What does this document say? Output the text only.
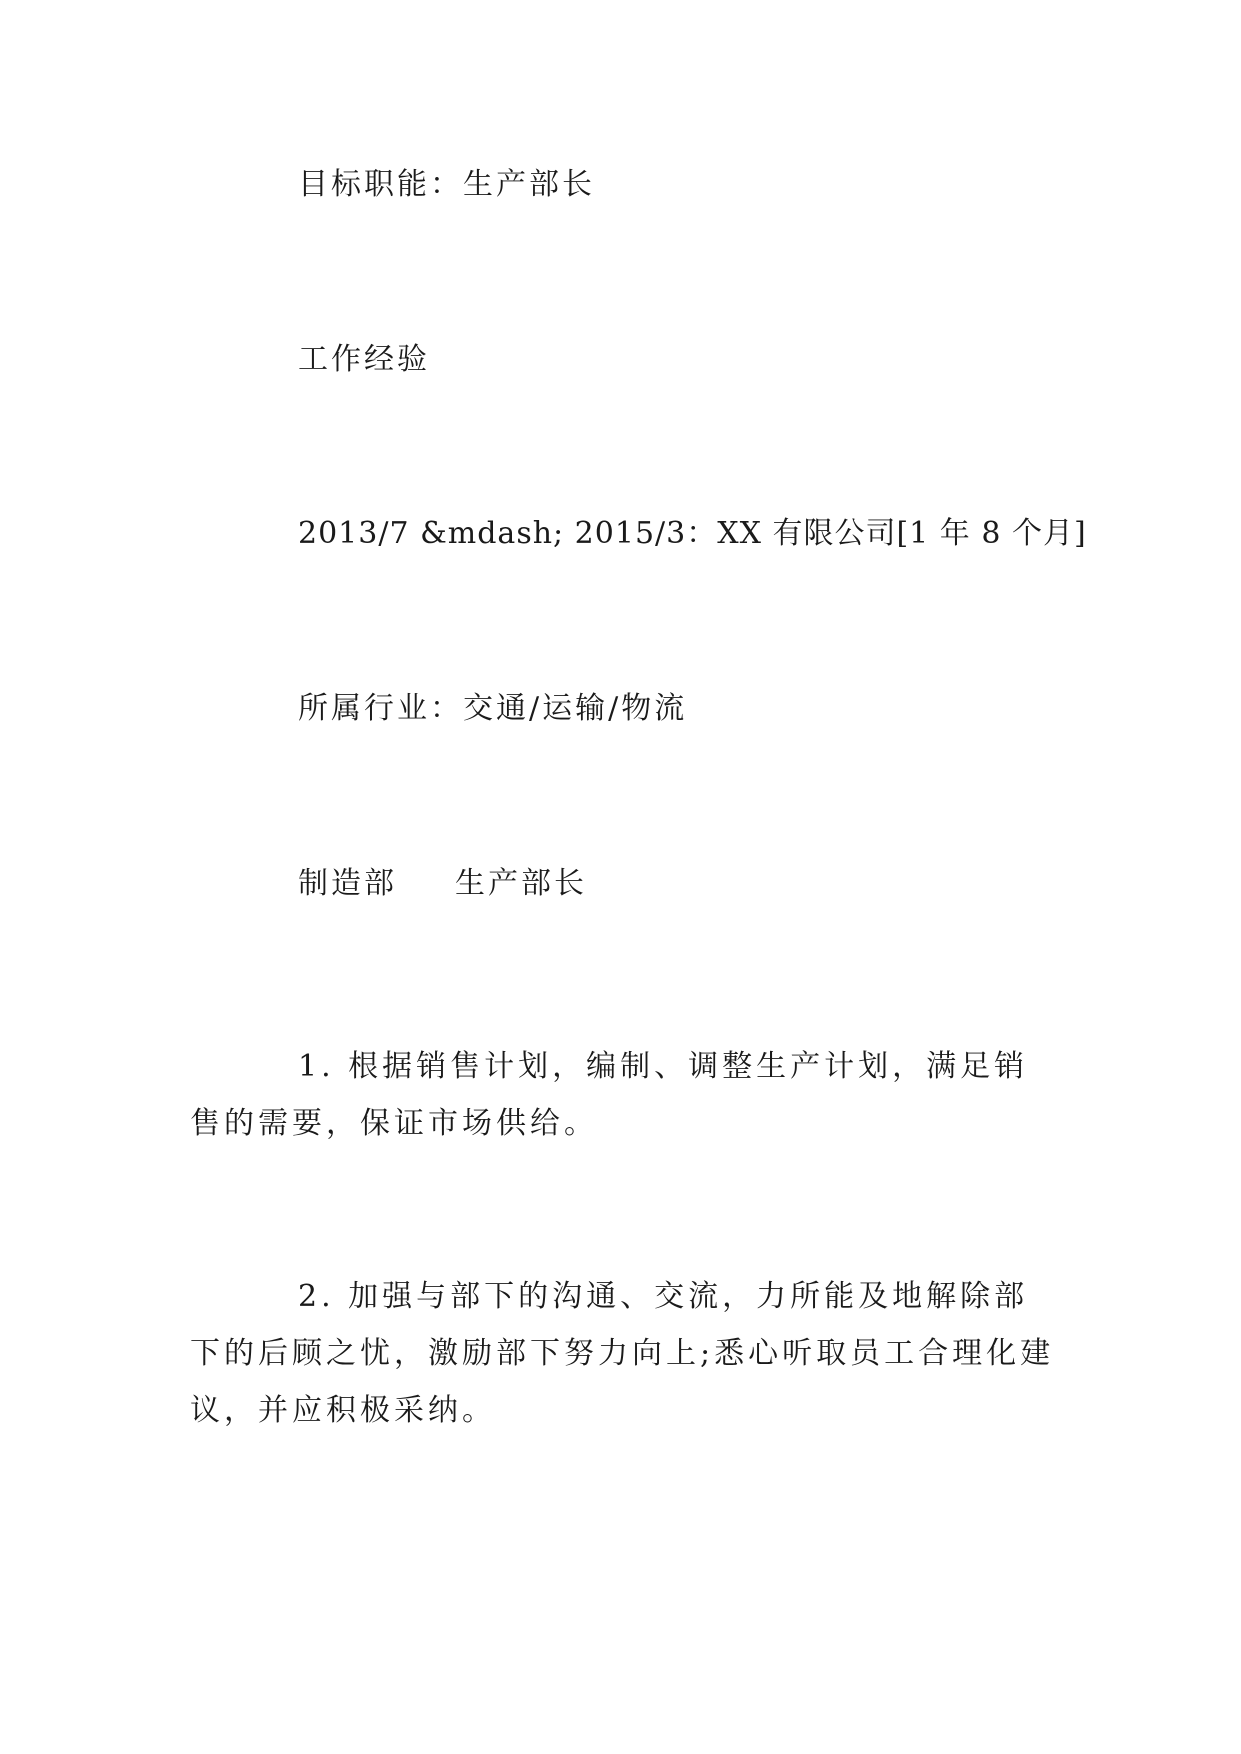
目标职能：生产部长
工作经验
2013/7 &mdash; 2015/3：XX 有限公司[1 年 8 个月]
所属行业：交通/运输/物流
制造部 生产部长
1. 根据销售计划，编制、调整生产计划，满足销售的需要，保证市场供给。
2. 加强与部下的沟通、交流，力所能及地解除部下的后顾之忧，激励部下努力向上;悉心听取员工合理化建议，并应积极采纳。
